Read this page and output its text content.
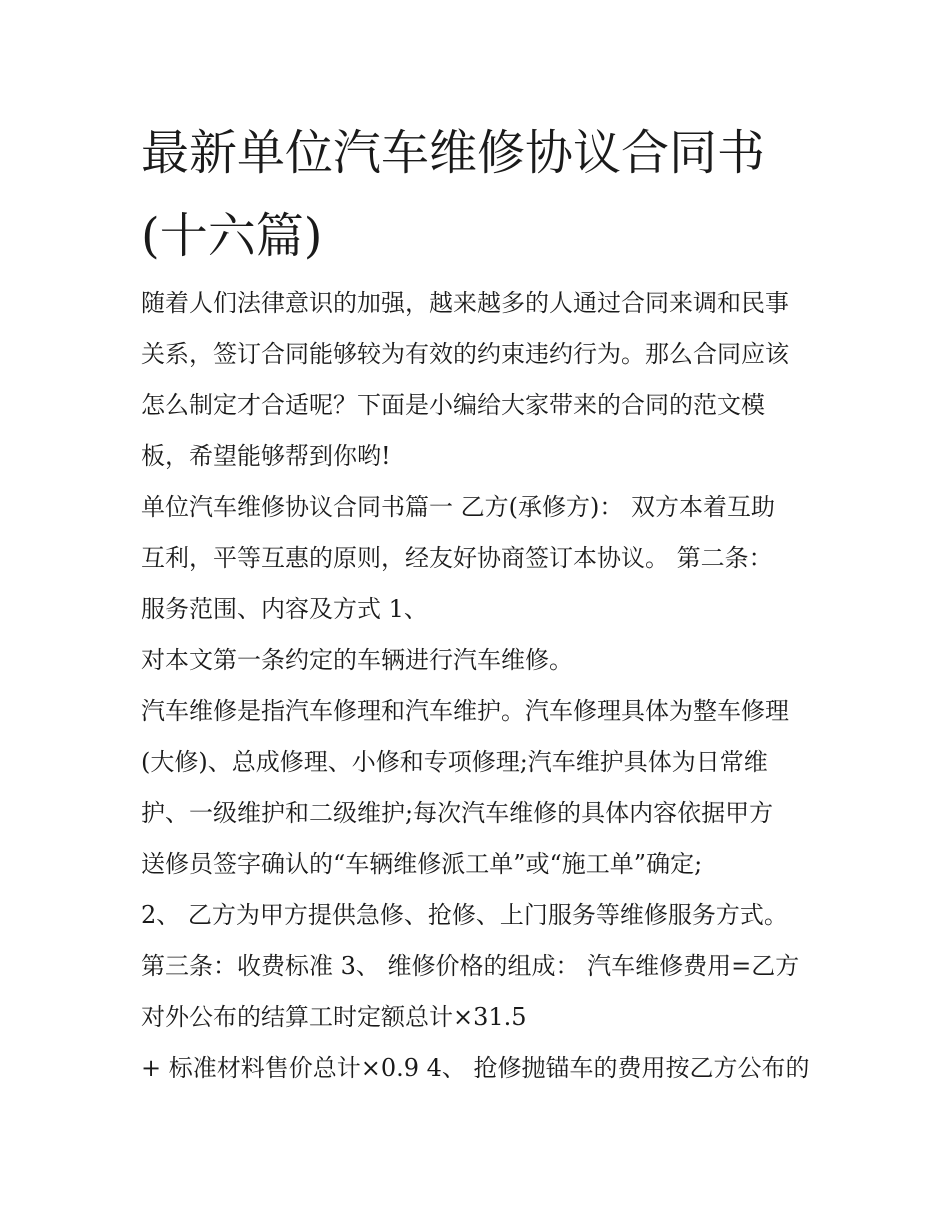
最新单位汽车维修协议合同书
(十六篇)
随着人们法律意识的加强，越来越多的人通过合同来调和民事
关系，签订合同能够较为有效的约束违约行为。那么合同应该
怎么制定才合适呢？下面是小编给大家带来的合同的范文模
板，希望能够帮到你哟!
单位汽车维修协议合同书篇一 乙方(承修方)： 双方本着互助
互利，平等互惠的原则，经友好协商签订本协议。 第二条：
服务范围、内容及方式 1、
对本文第一条约定的车辆进行汽车维修。
汽车维修是指汽车修理和汽车维护。汽车修理具体为整车修理
(大修)、总成修理、小修和专项修理;汽车维护具体为日常维
护、一级维护和二级维护;每次汽车维修的具体内容依据甲方
送修员签字确认的“车辆维修派工单”或“施工单”确定;
2、 乙方为甲方提供急修、抢修、上门服务等维修服务方式。
第三条：收费标准 3、 维修价格的组成： 汽车维修费用=乙方
对外公布的结算工时定额总计×31.5
+ 标准材料售价总计×0.9 4、 抢修抛锚车的费用按乙方公布的
